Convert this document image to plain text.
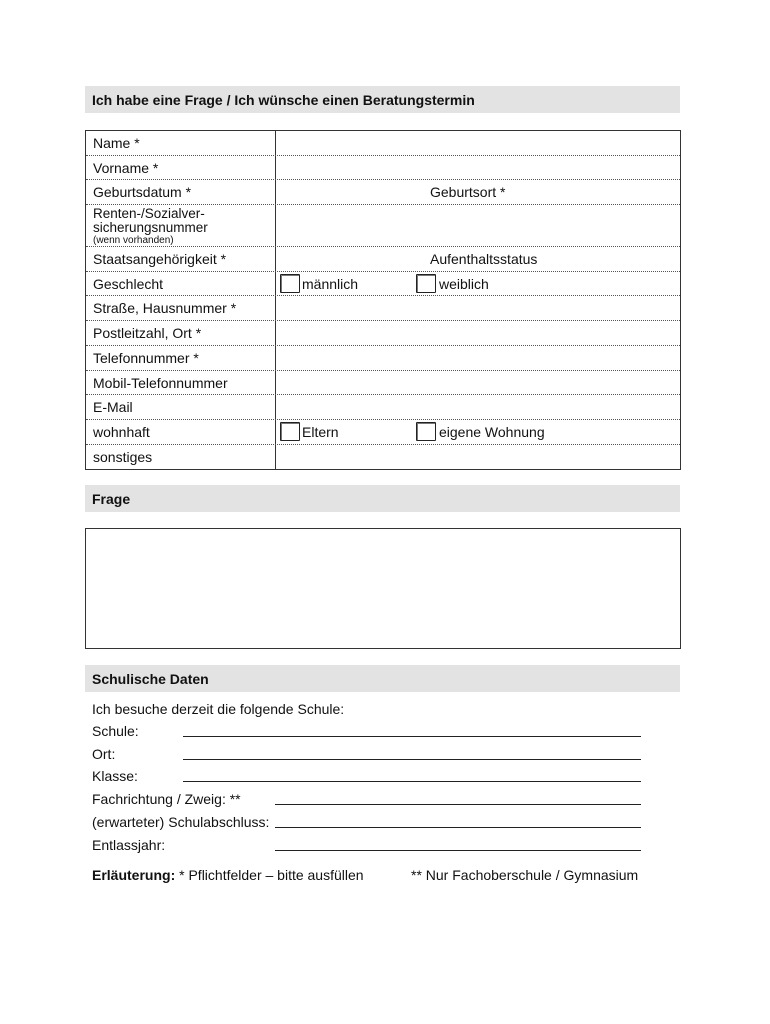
Ich habe eine Frage / Ich wünsche einen Beratungstermin
Name *
Vorname *
Geburtsdatum *	Geburtsort *
Renten-/Sozialver-
sicherungsnummer
(wenn vorhanden)
Staatsangehörigkeit *	Aufenthaltsstatus
Geschlecht	männlich	weiblich
Straße, Hausnummer *
Postleitzahl, Ort *
Telefonnummer *
Mobil-Telefonnummer
E-Mail
wohnhaft	Eltern	eigene Wohnung
sonstiges
Frage
Schulische Daten
Ich besuche derzeit die folgende Schule:
Schule:
Ort:
Klasse:
Fachrichtung / Zweig: **
(erwarteter) Schulabschluss:
Entlassjahr:
Erläuterung: * Pflichtfelder – bitte ausfüllen	** Nur Fachoberschule / Gymnasium
